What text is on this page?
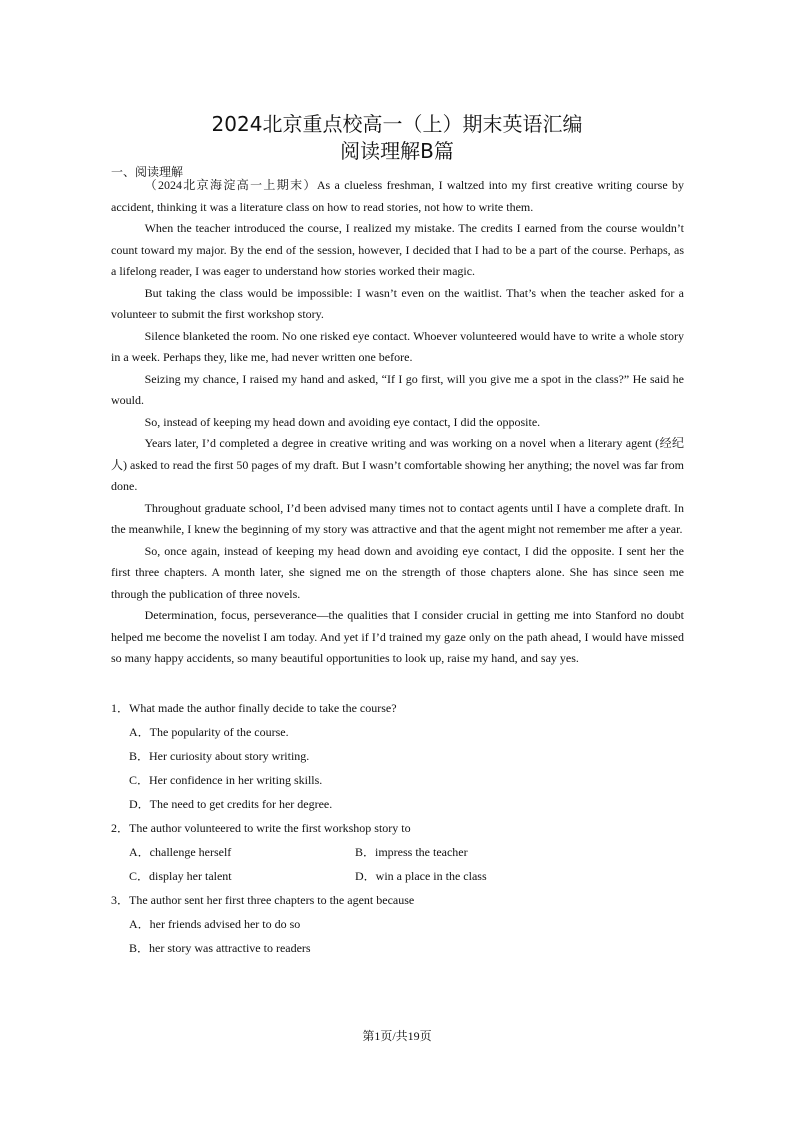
2024北京重点校高一（上）期末英语汇编
阅读理解B篇
一、阅读理解

（2024北京海淀高一上期末）As a clueless freshman, I waltzed into my first creative writing course by accident, thinking it was a literature class on how to read stories, not how to write them.

When the teacher introduced the course, I realized my mistake. The credits I earned from the course wouldn’t count toward my major. By the end of the session, however, I decided that I had to be a part of the course. Perhaps, as a lifelong reader, I was eager to understand how stories worked their magic.

But taking the class would be impossible: I wasn’t even on the waitlist. That’s when the teacher asked for a volunteer to submit the first workshop story.

Silence blanketed the room. No one risked eye contact. Whoever volunteered would have to write a whole story in a week. Perhaps they, like me, had never written one before.

Seizing my chance, I raised my hand and asked, “If I go first, will you give me a spot in the class?” He said he would.

So, instead of keeping my head down and avoiding eye contact, I did the opposite.

Years later, I’d completed a degree in creative writing and was working on a novel when a literary agent (经纪人) asked to read the first 50 pages of my draft. But I wasn’t comfortable showing her anything; the novel was far from done.

Throughout graduate school, I’d been advised many times not to contact agents until I have a complete draft. In the meanwhile, I knew the beginning of my story was attractive and that the agent might not remember me after a year.

So, once again, instead of keeping my head down and avoiding eye contact, I did the opposite. I sent her the first three chapters. A month later, she signed me on the strength of those chapters alone. She has since seen me through the publication of three novels.

Determination, focus, perseverance—the qualities that I consider crucial in getting me into Stanford no doubt helped me become the novelist I am today. And yet if I’d trained my gaze only on the path ahead, I would have missed so many happy accidents, so many beautiful opportunities to look up, raise my hand, and say yes.

1．What made the author finally decide to take the course?
A．The popularity of the course.
B．Her curiosity about story writing.
C．Her confidence in her writing skills.
D．The need to get credits for her degree.
2．The author volunteered to write the first workshop story to
A．challenge herself	B．impress the teacher
C．display her talent	D．win a place in the class
3．The author sent her first three chapters to the agent because
A．her friends advised her to do so
B．her story was attractive to readers
第1页/共19页
